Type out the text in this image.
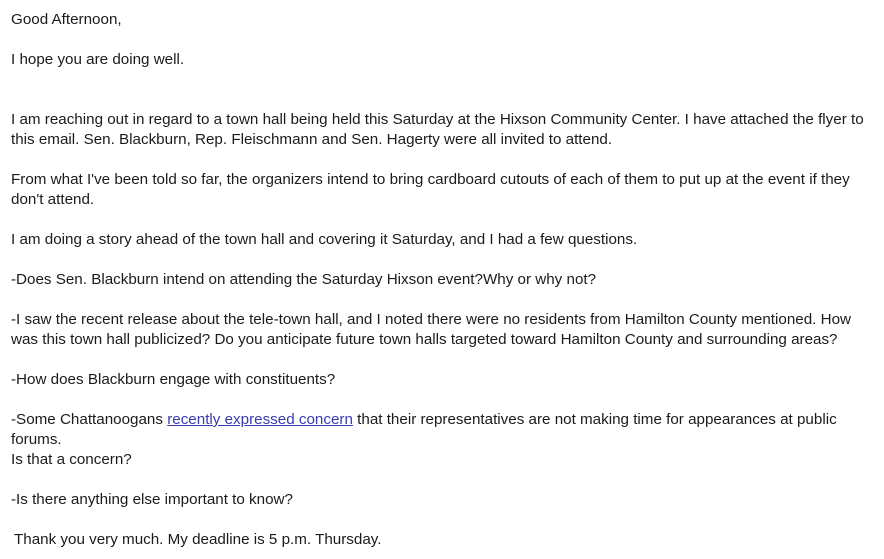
Good Afternoon,
I hope you are doing well.
I am reaching out in regard to a town hall being held this Saturday at the Hixson Community Center. I have attached the flyer to this email. Sen. Blackburn, Rep. Fleischmann and Sen. Hagerty were all invited to attend.
From what I've been told so far, the organizers intend to bring cardboard cutouts of each of them to put up at the event if they don't attend.
I am doing a story ahead of the town hall and covering it Saturday, and I had a few questions.
-Does Sen. Blackburn intend on attending the Saturday Hixson event?Why or why not?
-I saw the recent release about the tele-town hall, and I noted there were no residents from Hamilton County mentioned. How was this town hall publicized? Do you anticipate future town halls targeted toward Hamilton County and surrounding areas?
-How does Blackburn engage with constituents?
-Some Chattanoogans recently expressed concern that their representatives are not making time for appearances at public forums.
Is that a concern?
-Is there anything else important to know?
Thank you very much. My deadline is 5 p.m. Thursday.
